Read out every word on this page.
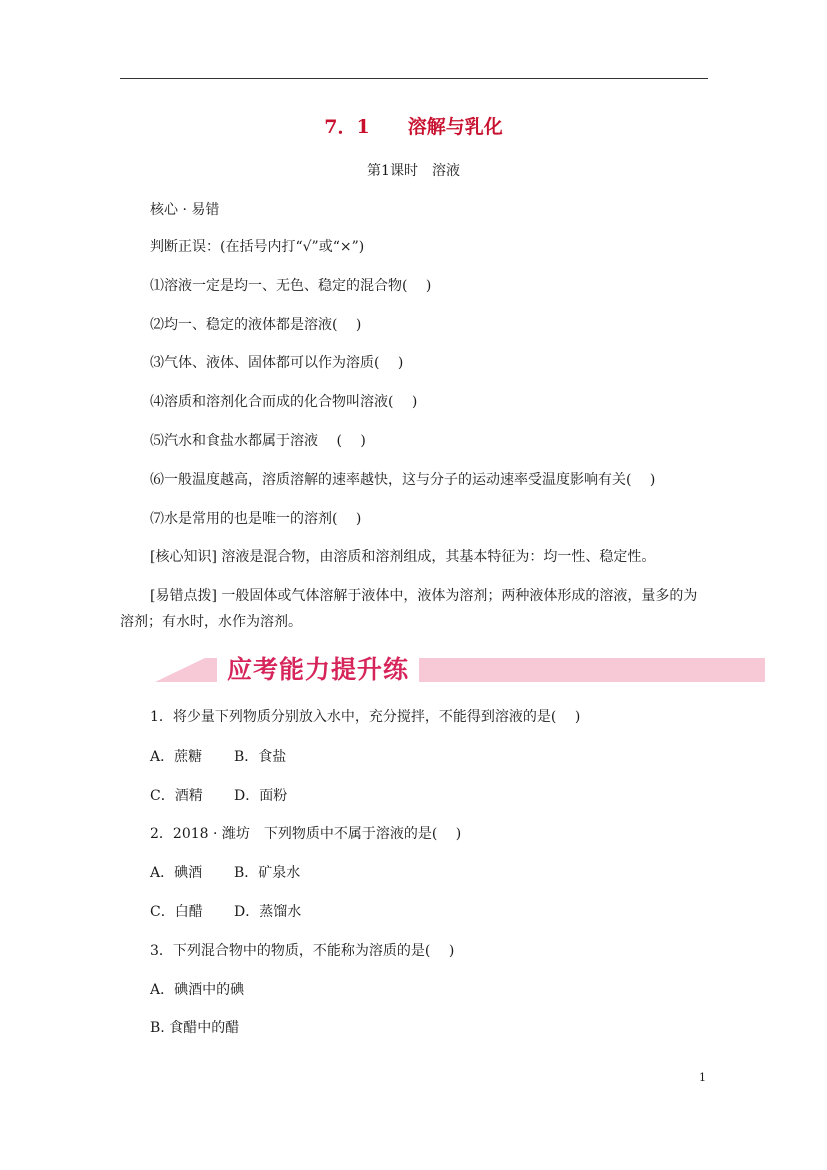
7．1 溶解与乳化
第1课时 溶液
核心 · 易错
判断正误：(在括号内打“√”或“×”)
⑴溶液一定是均一、无色、稳定的混合物(　 )
⑵均一、稳定的液体都是溶液(　 )
⑶气体、液体、固体都可以作为溶质(　 )
⑷溶质和溶剂化合而成的化合物叫溶液(　 )
⑸汽水和食盐水都属于溶液　 (　 )
⑹一般温度越高，溶质溶解的速率越快，这与分子的运动速率受温度影响有关(　 )
⑺水是常用的也是唯一的溶剂(　 )
[核心知识] 溶液是混合物，由溶质和溶剂组成，其基本特征为：均一性、稳定性。
[易错点拨] 一般固体或气体溶解于液体中，液体为溶剂；两种液体形成的溶液，量多的为溶剂；有水时，水作为溶剂。
应考能力提升练
1．将少量下列物质分别放入水中，充分搅拌，不能得到溶液的是(　 )
A．蔗糖 B．食盐
C．酒精 D．面粉
2．2018 · 潍坊　下列物质中不属于溶液的是(　 )
A．碘酒 B．矿泉水
C．白醋 D．蒸馏水
3．下列混合物中的物质，不能称为溶质的是(　 )
A．碘酒中的碘
B. 食醋中的醋
1
